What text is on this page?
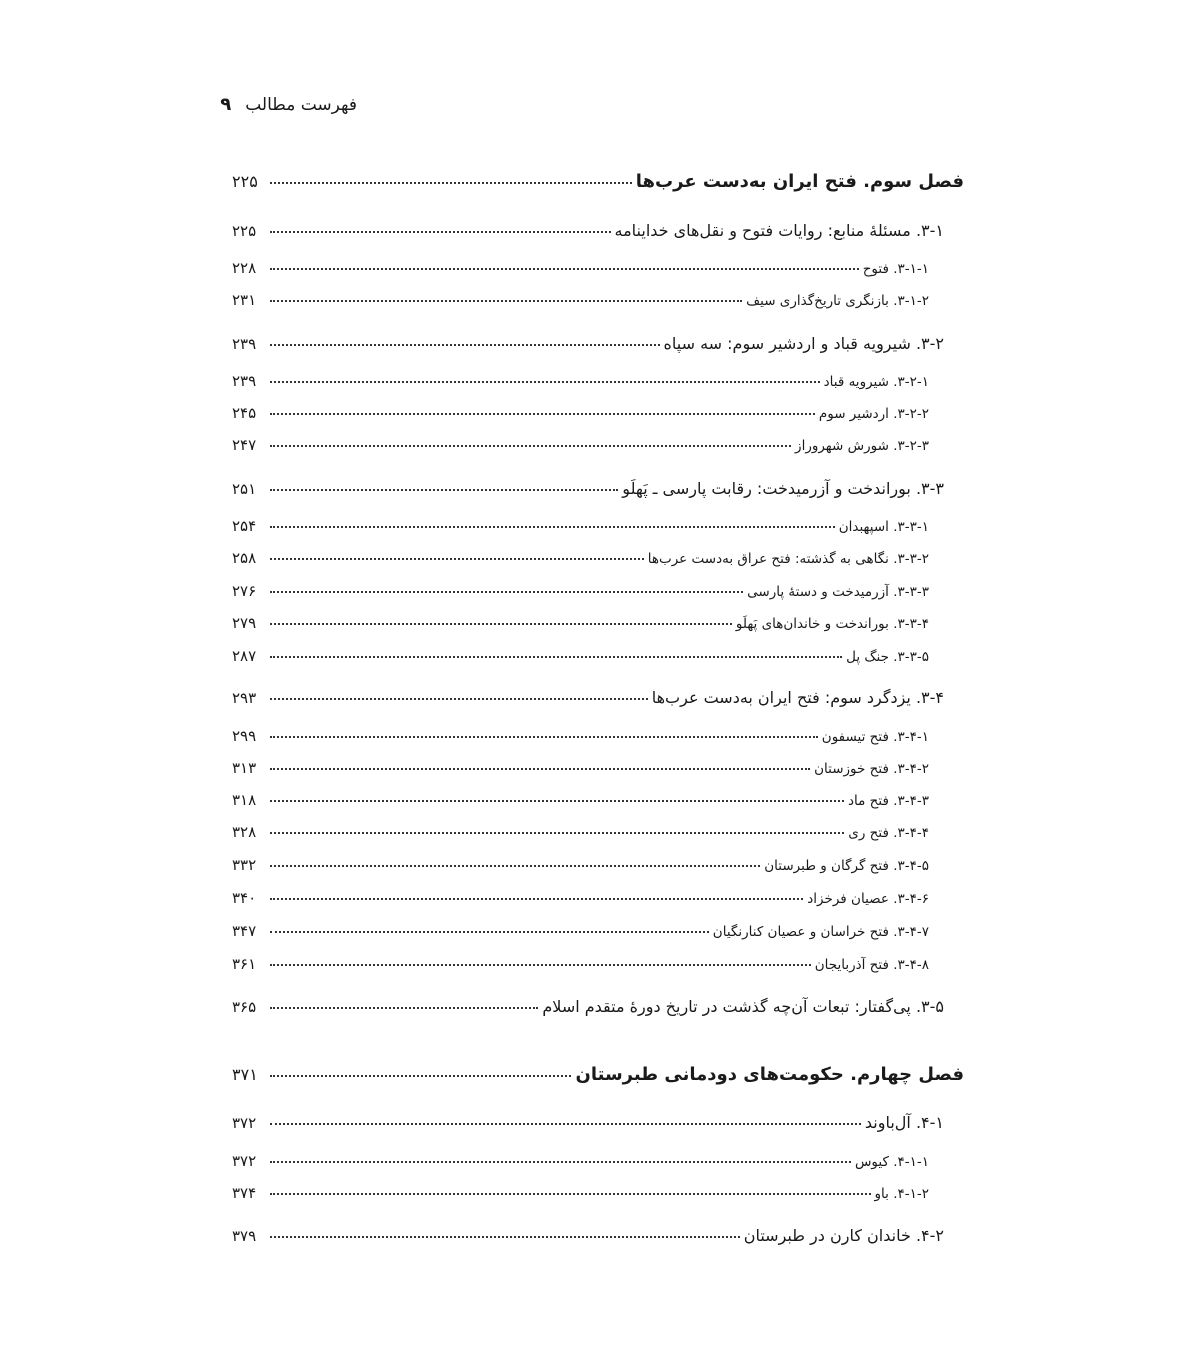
فهرست مطالب
۹
فصل سوم. فتح ایران به‌دست عرب‌ها
۲۲۵
۳-۱. مسئلهٔ منابع: روایات فتوح و نقل‌های خداینامه
۲۲۵
۳-۱-۱. فتوح
۲۲۸
۳-۱-۲. بازنگری تاریخ‌گذاری سیف
۲۳۱
۳-۲. شیرویه قباد و اردشیر سوم: سه سپاه
۲۳۹
۳-۲-۱. شیرویه قباد
۲۳۹
۳-۲-۲. اردشیر سوم
۲۴۵
۳-۲-۳. شورش شهروراز
۲۴۷
۳-۳. بوراندخت و آزرمیدخت: رقابت پارسی ـ پَهلَو
۲۵۱
۳-۳-۱. اسپهبدان
۲۵۴
۳-۳-۲. نگاهی به گذشته: فتح عراق به‌دست عرب‌ها
۲۵۸
۳-۳-۳. آزرمیدخت و دستهٔ پارسی
۲۷۶
۳-۳-۴. بوراندخت و خاندان‌های پَهلَو
۲۷۹
۳-۳-۵. جنگ پل
۲۸۷
۳-۴. یزدگرد سوم: فتح ایران به‌دست عرب‌ها
۲۹۳
۳-۴-۱. فتح تیسفون
۲۹۹
۳-۴-۲. فتح خوزستان
۳۱۳
۳-۴-۳. فتح ماد
۳۱۸
۳-۴-۴. فتح ری
۳۲۸
۳-۴-۵. فتح گرگان و طبرستان
۳۳۲
۳-۴-۶. عصیان فرخزاد
۳۴۰
۳-۴-۷. فتح خراسان و عصیان کنارنگیان
۳۴۷
۳-۴-۸. فتح آذربایجان
۳۶۱
۳-۵. پی‌گفتار: تبعات آن‌چه گذشت در تاریخ دورهٔ متقدم اسلام
۳۶۵
فصل چهارم. حکومت‌های دودمانی طبرستان
۳۷۱
۴-۱. آل‌باوند
۳۷۲
۴-۱-۱. کیوس
۳۷۲
۴-۱-۲. باو
۳۷۴
۴-۲. خاندان کارن در طبرستان
۳۷۹
